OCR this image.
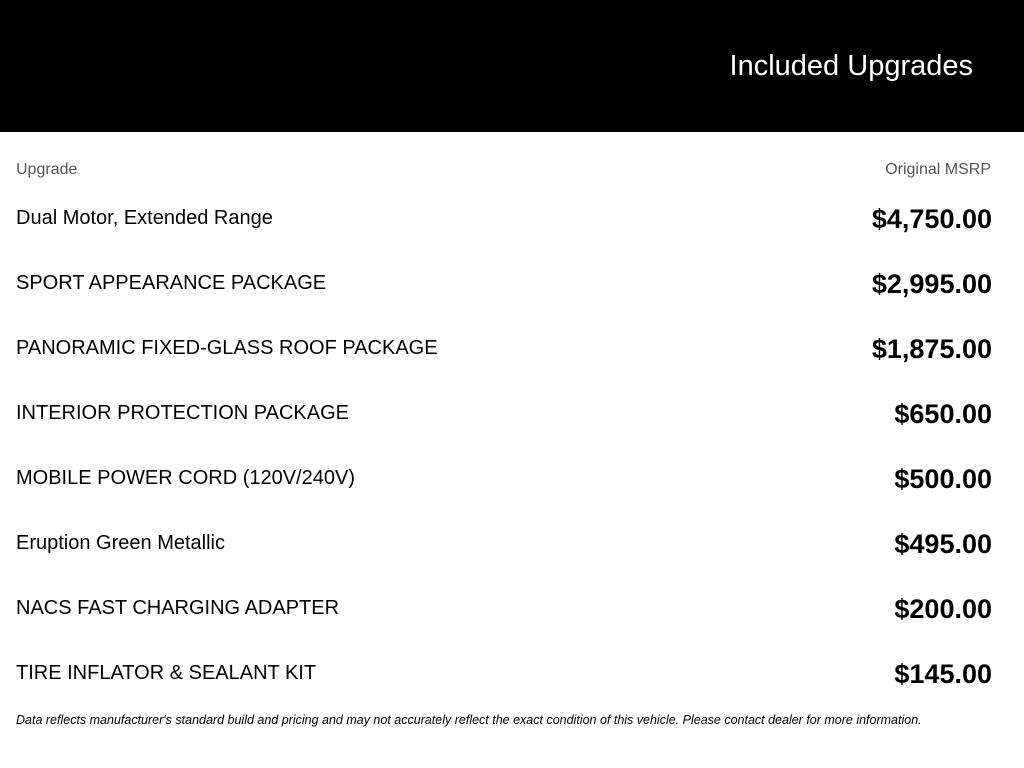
Included Upgrades
Upgrade	Original MSRP
Dual Motor, Extended Range	$4,750.00
SPORT APPEARANCE PACKAGE	$2,995.00
PANORAMIC FIXED-GLASS ROOF PACKAGE	$1,875.00
INTERIOR PROTECTION PACKAGE	$650.00
MOBILE POWER CORD (120V/240V)	$500.00
Eruption Green Metallic	$495.00
NACS FAST CHARGING ADAPTER	$200.00
TIRE INFLATOR & SEALANT KIT	$145.00

Data reflects manufacturer's standard build and pricing and may not accurately reflect the exact condition of this vehicle. Please contact dealer for more information.
